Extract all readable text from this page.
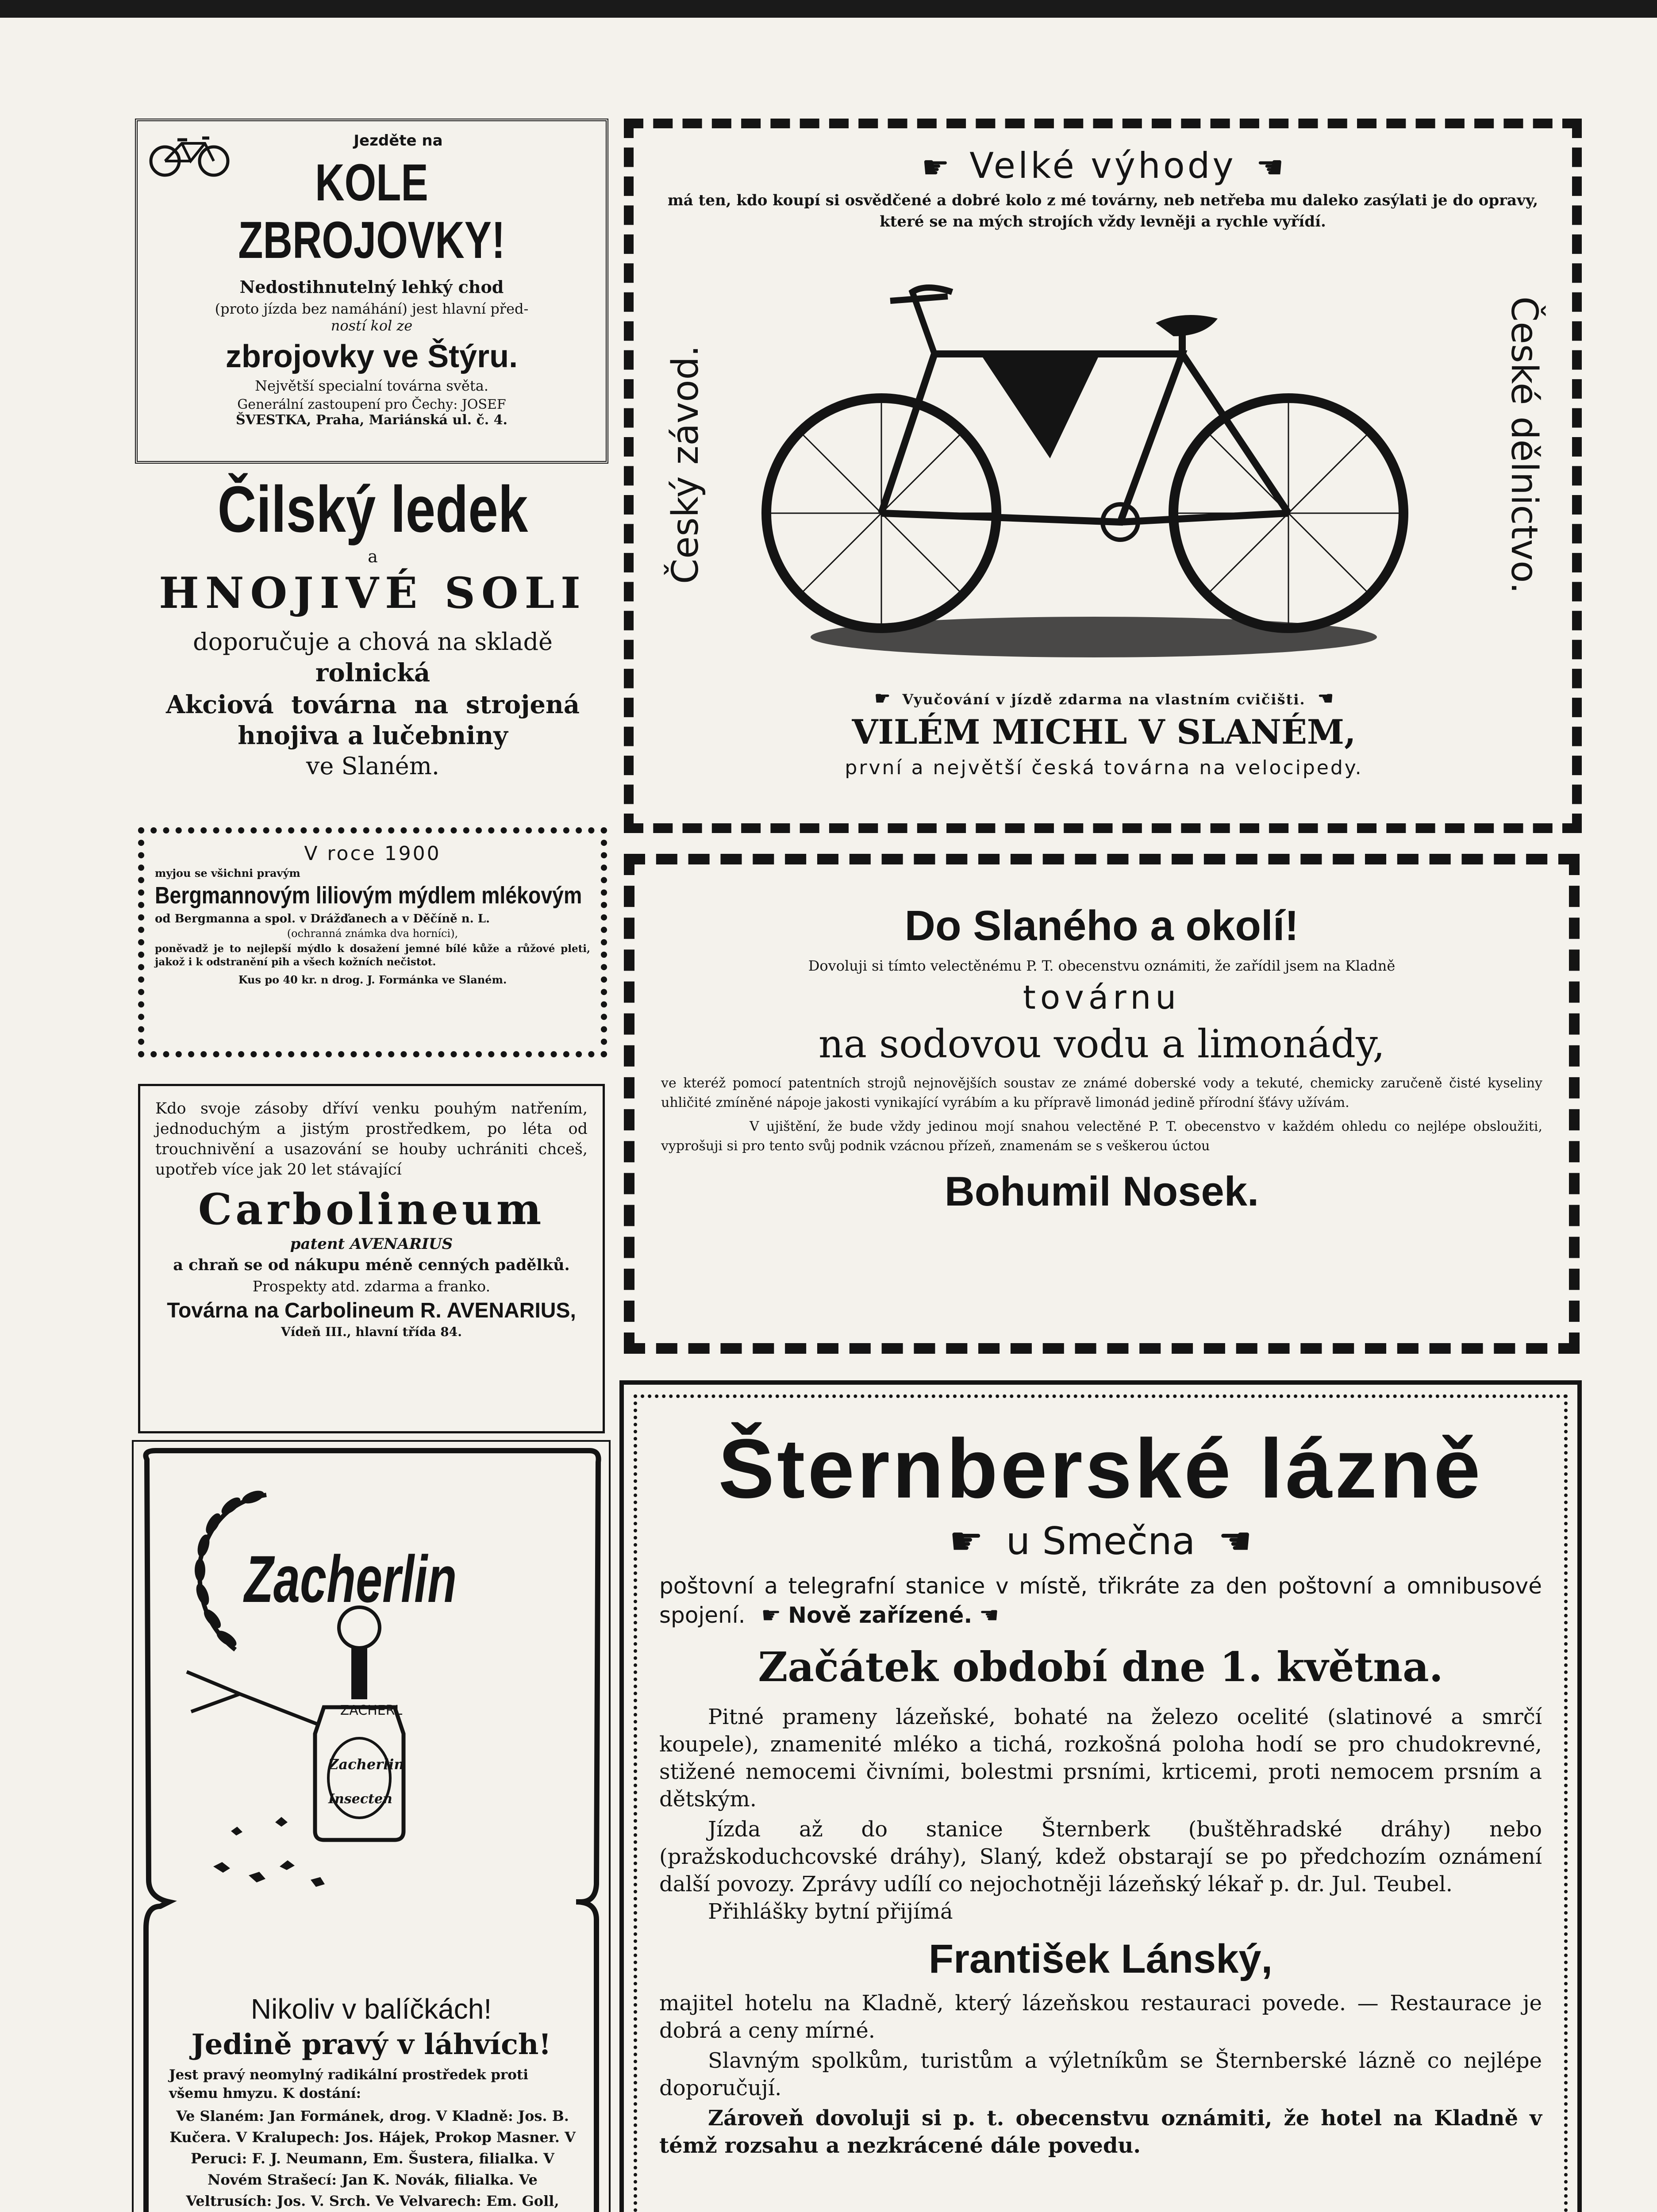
Jezděte na
KOLE ZBROJOVKY!
Nedostihnutelný lehký chod
(proto jízda bez namáhání) jest hlavní před-
ností kol ze
zbrojovky ve Štýru.
Největší specialní továrna světa.
Generální zastoupení pro Čechy: JOSEF
ŠVESTKA, Praha, Mariánská ul. č. 4.
Čilský ledek
a
HNOJIVÉ SOLI
doporučuje a chová na skladě
rolnická
Akciová továrna na strojená
hnojiva a lučebniny
ve Slaném.
V roce 1900
myjou se všichni pravým
Bergmannovým liliovým mýdlem mlékovým
od Bergmanna a spol. v Drážďanech a v Děčíně n. L.
(ochranná známka dva horníci),
poněvadž je to nejlepší mýdlo k dosažení jemné bílé kůže a růžové pleti, jakož i k odstranění pih a všech kožních nečistot.
Kus po 40 kr. n drog. J. Formánka ve Slaném.
Kdo svoje zásoby dříví venku pouhým natřením, jednoduchým a jistým prostředkem, po léta od trouchnivění a usazování se houby uchrániti chceš, upotřeb více jak 20 let stávající
Carbolineum
patent AVENARIUS
a chraň se od nákupu méně cenných padělků.
Prospekty atd. zdarma a franko.
Továrna na Carbolineum R. AVENARIUS,
Vídeň III., hlavní třída 84.
Zacherlin
ZACHERL
Zacherlin
Insecten
Nikoliv v balíčkách!
Jedině pravý v láhvích!
Jest pravý neomylný radikální prostředek proti všemu hmyzu. K dostání:
Ve Slaném: Jan Formánek, drog. V Kladně: Jos. B. Kučera. V Kralupech: Jos. Hájek, Prokop Masner. V Peruci: F. J. Neumann, Em. Šustera, filialka. V Novém Strašecí: Jan K. Novák, filialka. Ve Veltrusích: Jos. V. Srch. Ve Velvarech: Em. Goll,
☛ Velké výhody ☛
má ten, kdo koupí si osvědčené a dobré kolo z mé továrny, neb netřeba mu daleko zasýlati je do opravy, které se na mých strojích vždy levněji a rychle vyřídí.
Český závod.	České dělnictvo.
☛ Vyučování v jízdě zdarma na vlastním cvičišti. ☛
VILÉM MICHL V SLANÉM,
první a největší česká továrna na velocipedy.
Do Slaného a okolí!
Dovoluji si tímto velectěnému P. T. obecenstvu oznámiti, že zařídil jsem na Kladně
továrnu
na sodovou vodu a limonády,
ve kteréž pomocí patentních strojů nejnovějších soustav ze známé doberské vody a tekuté, chemicky zaručeně čisté kyseliny uhličité zmíněné nápoje jakosti vynikající vyrábím a ku přípravě limonád jedině přírodní šťávy užívám.
V ujištění, že bude vždy jedinou mojí snahou velectěné P. T. obecenstvo v každém ohledu co nejlépe obsloužiti, vyprošuji si pro tento svůj podnik vzácnou přízeň, znamenám se s veškerou úctou
Bohumil Nosek.
Šternberské lázně
☛ u Smečna ☛
poštovní a telegrafní stanice v místě, třikráte za den poštovní a omnibusové spojení. ☛ Nově zařízené. ☛
Začátek období dne 1. května.
Pitné prameny lázeňské, bohaté na železo ocelité (slatinové a smrčí koupele), znamenité mléko a tichá, rozkošná poloha hodí se pro chudokrevné, stižené nemocemi čivními, bolestmi prsními, krticemi, proti nemocem prsním a dětským.
Jízda až do stanice Šternberk (buštěhradské dráhy) nebo (pražskoduchcovské dráhy), Slaný, kdež obstarají se po předchozím oznámení další povozy. Zprávy udílí co nejochotněji lázeňský lékař p. dr. Jul. Teubel.
Přihlášky bytní přijímá
František Lánský,
majitel hotelu na Kladně, který lázeňskou restauraci povede. — Restaurace je dobrá a ceny mírné.
Slavným spolkům, turistům a výletníkům se Šternberské lázně co nejlépe doporučují.
Zároveň dovoluji si p. t. obecenstvu oznámiti, že hotel na Kladně v témž rozsahu a nezkrácené dále povedu.
